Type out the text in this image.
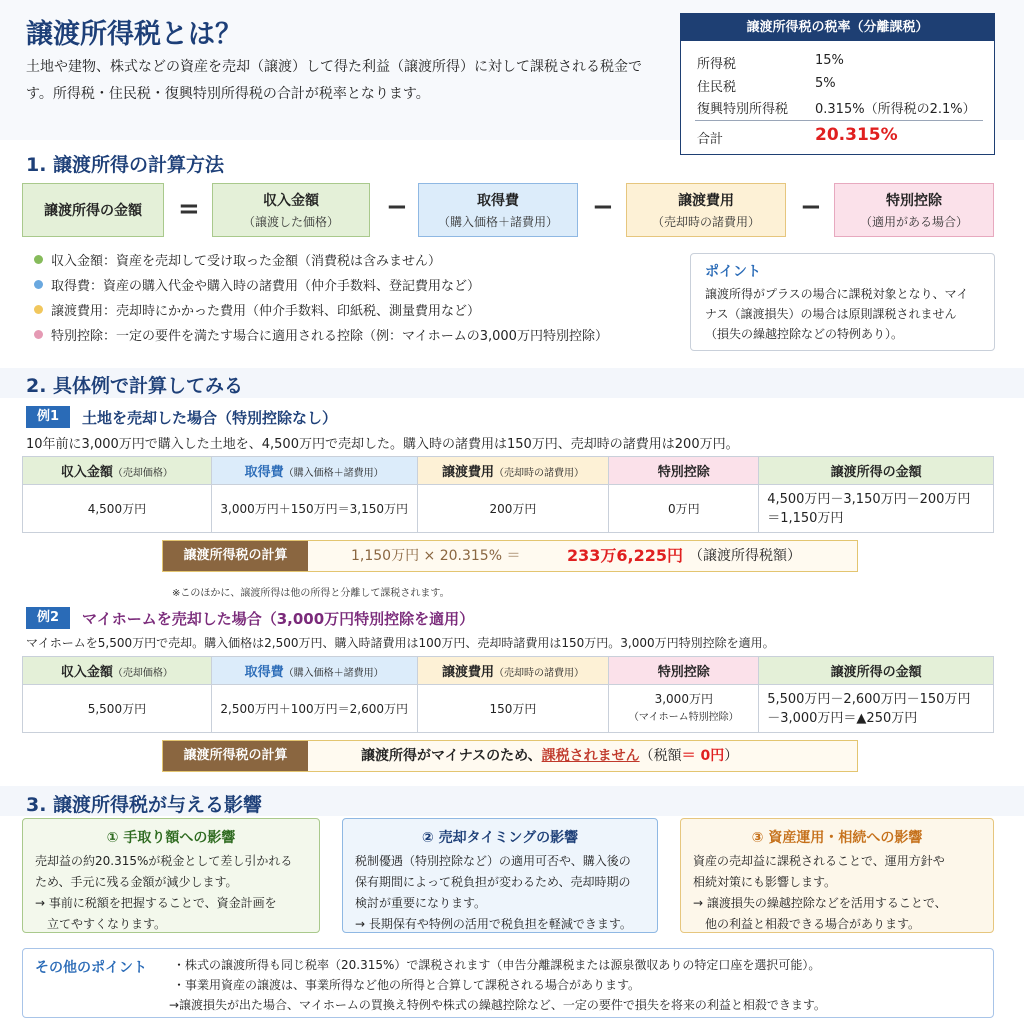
譲渡所得税とは？

土地や建物、株式などの資産を売却（譲渡）して得た利益（譲渡所得）に対して課税される税金です。所得税・住民税・復興特別所得税の合計が税率となります。

譲渡所得税の税率（分離課税）
所得税	15%
住民税	5%
復興特別所得税 0.315%（所得税の2.1%）
合計	20.315%
1. 譲渡所得の計算方法
譲渡所得の金額	=	収入金額
（譲渡した価格）	−	取得費
（購入価格＋諸費用）	−	譲渡費用
（売却時の諸費用）	−	特別控除
（適用がある場合）
収入金額：資産を売却して受け取った金額（消費税は含みません）
取得費：資産の購入代金や購入時の諸費用（仲介手数料、登記費用など）
譲渡費用：売却時にかかった費用（仲介手数料、印紙税、測量費用など）
特別控除：一定の要件を満たす場合に適用される控除（例：マイホームの3,000万円特別控除）
ポイント
譲渡所得がプラスの場合に課税対象となり、マイナス（譲渡損失）の場合は原則課税されません（損失の繰越控除などの特例あり）。
2. 具体例で計算してみる
例1	土地を売却した場合（特別控除なし）
10年前に3,000万円で購入した土地を、4,500万円で売却した。購入時の諸費用は150万円、売却時の諸費用は200万円。
収入金額（売却価格）	取得費（購入価格＋諸費用）	譲渡費用（売却時の諸費用）	特別控除	譲渡所得の金額
4,500万円	3,000万円＋150万円＝3,150万円	200万円	0万円	4,500万円－3,150万円－200万円
＝1,150万円
譲渡所得税の計算	1,150万円 × 20.315% ＝	233万6,225円 （譲渡所得税額）
※このほかに、譲渡所得は他の所得と分離して課税されます。
例2	マイホームを売却した場合（3,000万円特別控除を適用）
マイホームを5,500万円で売却。購入価格は2,500万円、購入時諸費用は100万円、売却時諸費用は150万円。3,000万円特別控除を適用。
収入金額（売却価格）	取得費（購入価格＋諸費用）	譲渡費用（売却時の諸費用）	特別控除	譲渡所得の金額
5,500万円	2,500万円＋100万円＝2,600万円	150万円	3,000万円
（マイホーム特別控除）	5,500万円－2,600万円－150万円
－3,000万円＝▲250万円
譲渡所得税の計算	譲渡所得がマイナスのため、課税されません（税額＝ 0円）
3. 譲渡所得税が与える影響
① 手取り額への影響
売却益の約20.315%が税金として差し引かれる
ため、手元に残る金額が減少します。
→ 事前に税額を把握することで、資金計画を
　立てやすくなります。
② 売却タイミングの影響
税制優遇（特別控除など）の適用可否や、購入後の
保有期間によって税負担が変わるため、売却時期の
検討が重要になります。
→ 長期保有や特例の活用で税負担を軽減できます。
③ 資産運用・相続への影響
資産の売却益に課税されることで、運用方針や
相続対策にも影響します。
→ 譲渡損失の繰越控除などを活用することで、
　他の利益と相殺できる場合があります。
その他のポイント ・株式の譲渡所得も同じ税率（20.315%）で課税されます（申告分離課税または源泉徴収ありの特定口座を選択可能）。
・事業用資産の譲渡は、事業所得など他の所得と合算して課税される場合があります。
→譲渡損失が出た場合、マイホームの買換え特例や株式の繰越控除など、一定の要件で損失を将来の利益と相殺できます。
